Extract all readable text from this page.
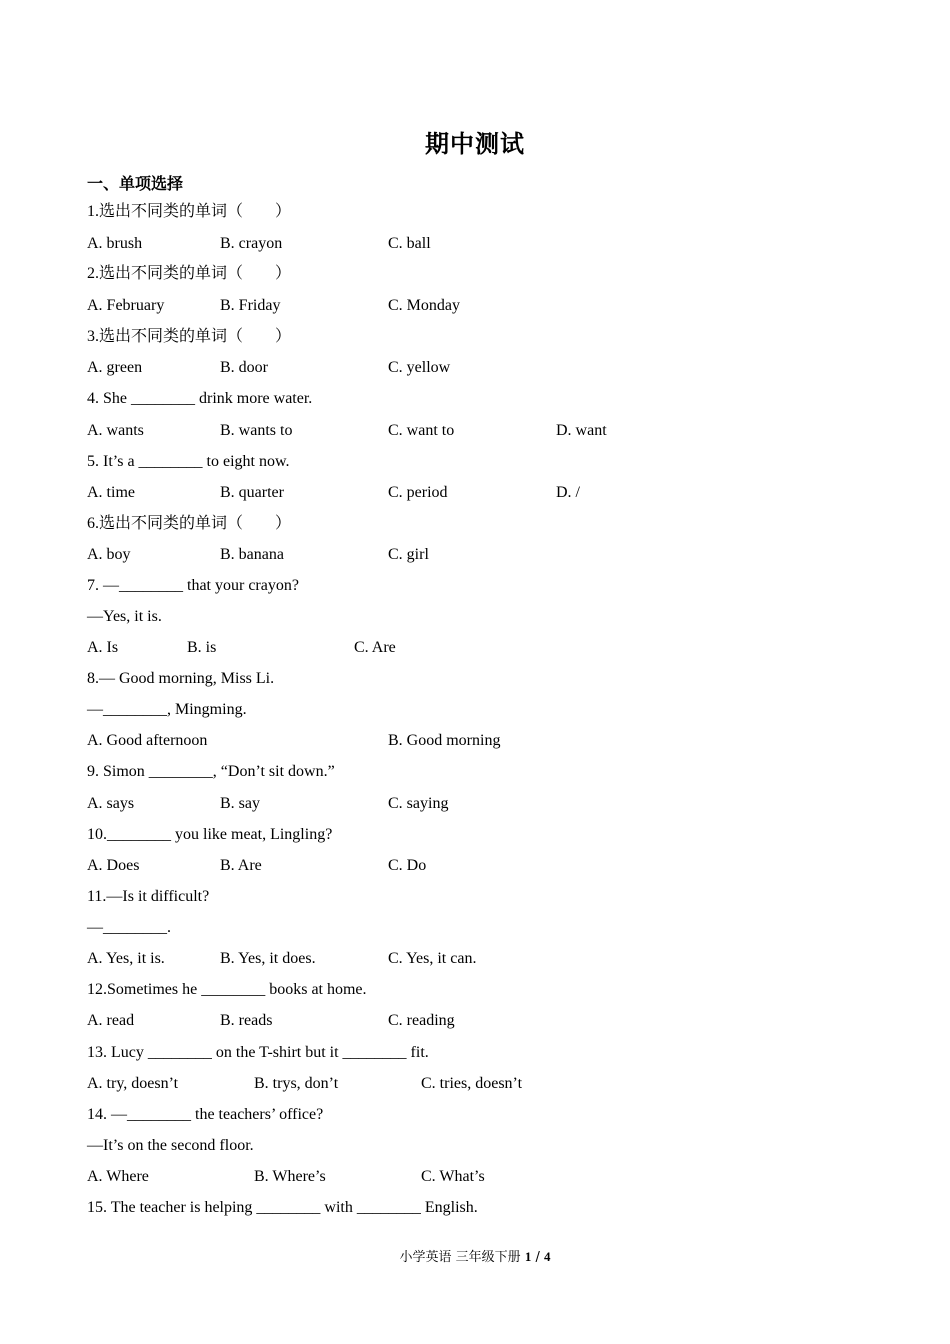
期中测试
一、单项选择
1.选出不同类的单词（　　）
A. brush	B. crayon	C. ball
2.选出不同类的单词（　　）
A. February	B. Friday	C. Monday
3.选出不同类的单词（　　）
A. green	B. door	C. yellow
4. She ________ drink more water.
A. wants	B. wants to	C. want to	D. want
5. It’s a ________ to eight now.
A. time	B. quarter	C. period	D. /
6.选出不同类的单词（　　）
A. boy	B. banana	C. girl
7. —________ that your crayon?
—Yes, it is.
A. Is	B. is	C. Are
8.— Good morning, Miss Li.
—________, Mingming.
A. Good afternoon	B. Good morning
9. Simon ________, “Don’t sit down.”
A. says	B. say	C. saying
10.________ you like meat, Lingling?
A. Does	B. Are	C. Do
11.—Is it difficult?
—________.
A. Yes, it is.	B. Yes, it does.	C. Yes, it can.
12.Sometimes he ________ books at home.
A. read	B. reads	C. reading
13. Lucy ________ on the T-shirt but it ________ fit.
A. try, doesn’t	B. trys, don’t	C. tries, doesn’t
14. —________ the teachers’ office?
—It’s on the second floor.
A. Where	B. Where’s	C. What’s
15. The teacher is helping ________ with ________ English.
小学英语 三年级下册 1 / 4
